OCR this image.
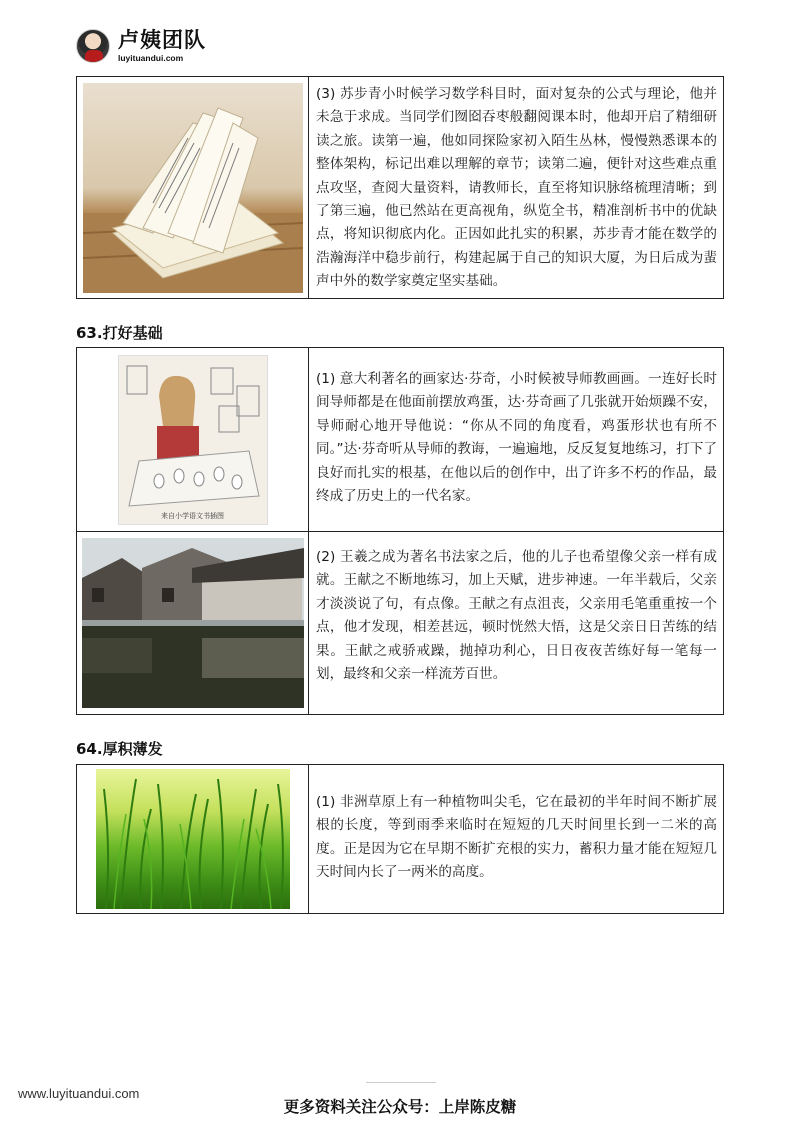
卢姨团队
luyituandui.com
(3) 苏步青小时候学习数学科目时，面对复杂的公式与理论，他并未急于求成。当同学们囫囵吞枣般翻阅课本时，他却开启了精细研读之旅。读第一遍，他如同探险家初入陌生丛林，慢慢熟悉课本的整体架构，标记出难以理解的章节；读第二遍，便针对这些难点重点攻坚，查阅大量资料，请教师长，直至将知识脉络梳理清晰；到了第三遍，他已然站在更高视角，纵览全书，精准剖析书中的优缺点，将知识彻底内化。正因如此扎实的积累，苏步青才能在数学的浩瀚海洋中稳步前行，构建起属于自己的知识大厦，为日后成为蜚声中外的数学家奠定坚实基础。
63.打好基础
来自小学语文书插图
(1) 意大利著名的画家达·芬奇，小时候被导师教画画。一连好长时间导师都是在他面前摆放鸡蛋，达·芬奇画了几张就开始烦躁不安，导师耐心地开导他说：“你从不同的角度看，鸡蛋形状也有所不同。”达·芬奇听从导师的教诲，一遍遍地，反反复复地练习，打下了良好而扎实的根基，在他以后的创作中，出了许多不朽的作品，最终成了历史上的一代名家。
(2) 王羲之成为著名书法家之后，他的儿子也希望像父亲一样有成就。王献之不断地练习，加上天赋，进步神速。一年半载后，父亲才淡淡说了句，有点像。王献之有点沮丧，父亲用毛笔重重按一个点，他才发现，相差甚远，顿时恍然大悟，这是父亲日日苦练的结果。王献之戒骄戒躁，抛掉功利心，日日夜夜苦练好每一笔每一划，最终和父亲一样流芳百世。
64.厚积薄发
(1) 非洲草原上有一种植物叫尖毛，它在最初的半年时间不断扩展根的长度，等到雨季来临时在短短的几天时间里长到一二米的高度。正是因为它在早期不断扩充根的实力，蓄积力量才能在短短几天时间内长了一两米的高度。
www.luyituandui.com
更多资料关注公众号：上岸陈皮糖
